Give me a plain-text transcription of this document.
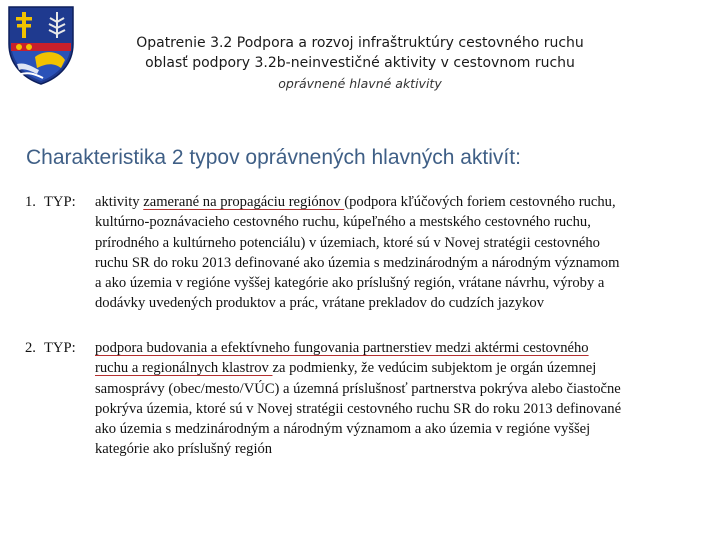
Opatrenie 3.2 Podpora a rozvoj infraštruktúry cestovného ruchu
oblasť podpory 3.2b-neinvestičné aktivity v cestovnom ruchu
oprávnené hlavné aktivity
Charakteristika 2 typov oprávnených hlavných aktivít:
1. TYP: aktivity zamerané na propagáciu regiónov (podpora kľúčových foriem cestovného ruchu,
kultúrno-poznávacieho cestovného ruchu, kúpeľného a mestského cestovného ruchu,
prírodného a kultúrneho potenciálu) v územiach, ktoré sú v Novej stratégii cestovného
ruchu SR do roku 2013 definované ako územia s medzinárodným a národným významom
a ako územia v regióne vyššej kategórie ako príslušný región, vrátane návrhu, výroby a
dodávky uvedených produktov a prác, vrátane prekladov do cudzích jazykov
2. TYP: podpora budovania a efektívneho fungovania partnerstiev medzi aktérmi cestovného
ruchu a regionálnych klastrov za podmienky, že vedúcim subjektom je orgán územnej
samosprávy (obec/mesto/VÚC) a územná príslušnosť partnerstva pokrýva alebo čiastočne
pokrýva územia, ktoré sú v Novej stratégii cestovného ruchu SR do roku 2013 definované
ako územia s medzinárodným a národným významom a ako územia v regióne vyššej
kategórie ako príslušný región
